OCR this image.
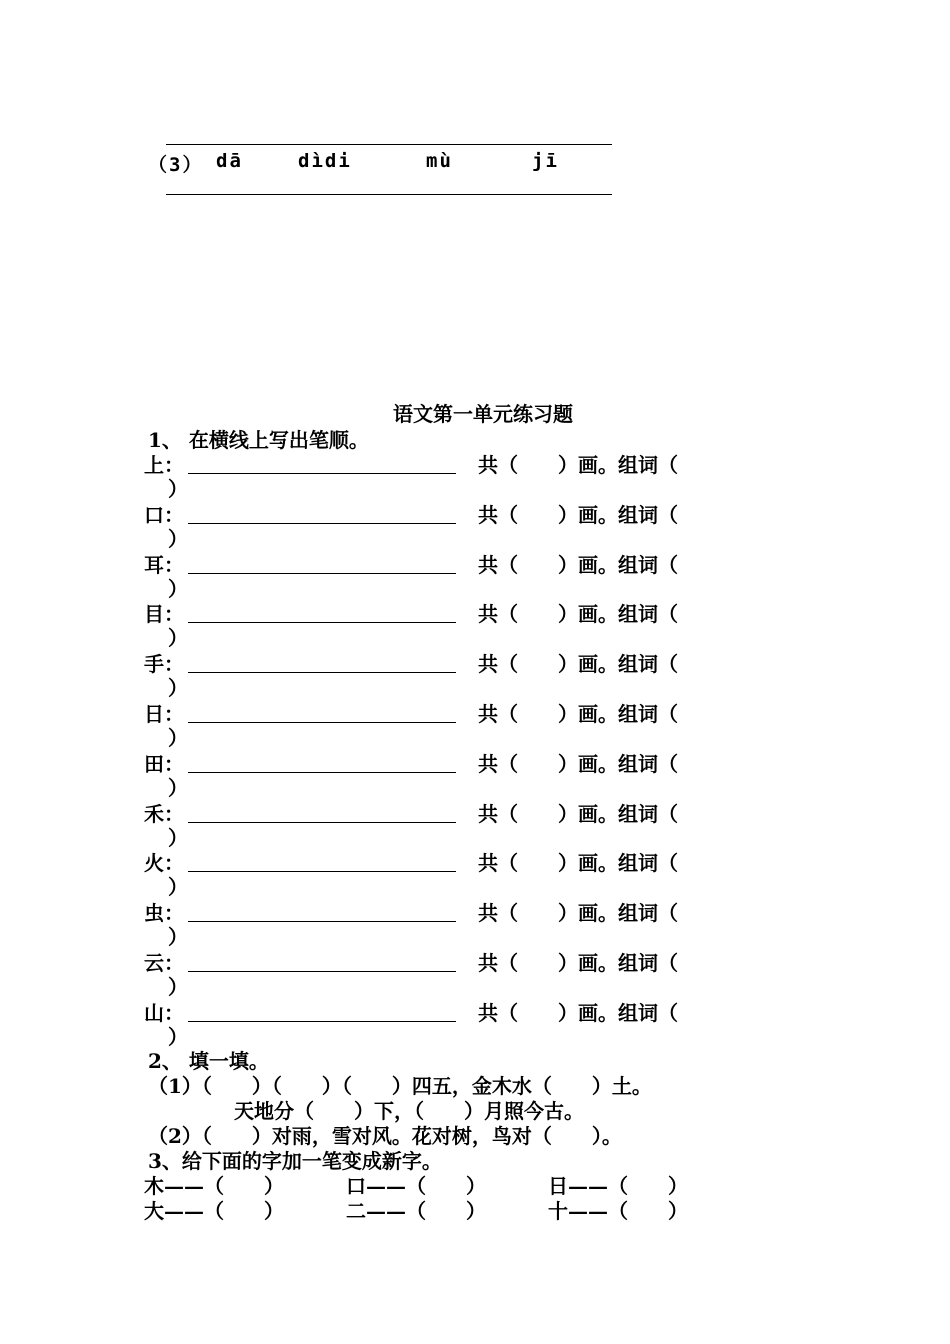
（3） dā	dìdi	mù	jī
语文第一单元练习题
1、 在横线上写出笔顺。
上：	共（　　）画。组词（
）
口：	共（　　）画。组词（
）
耳：	共（　　）画。组词（
）
目：	共（　　）画。组词（
）
手：	共（　　）画。组词（
）
日：	共（　　）画。组词（
）
田：	共（　　）画。组词（
）
禾：	共（　　）画。组词（
）
火：	共（　　）画。组词（
）
虫：	共（　　）画。组词（
）
云：	共（　　）画。组词（
）
山：	共（　　）画。组词（
）
2、 填一填。
（1）（　　）（　　）（　　）四五，金木水（　　）土。
天地分（　　）下，（　　）月照今古。
（2）（　　）对雨，雪对风。花对树，鸟对（　　）。
3、给下面的字加一笔变成新字。
木——（　　）	口——（　　）	日——（　　）
大——（　　）	二——（　　）	十——（　　）
